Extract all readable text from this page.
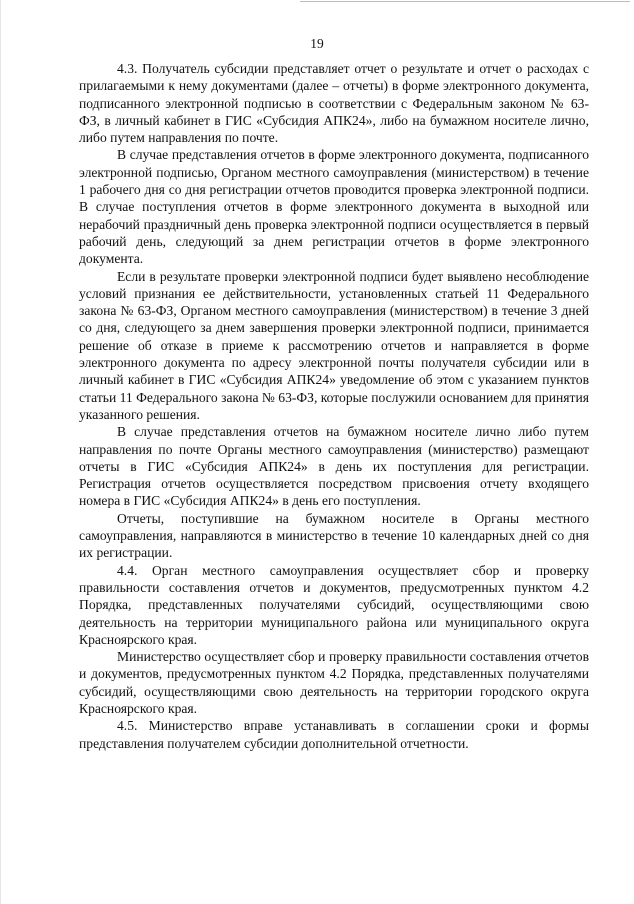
19

4.3. Получатель субсидии представляет отчет о результате и отчет о расходах с прилагаемыми к нему документами (далее – отчеты) в форме электронного документа, подписанного электронной подписью в соответствии с Федеральным законом № 63-ФЗ, в личный кабинет в ГИС «Субсидия АПК24», либо на бумажном носителе лично, либо путем направления по почте.

В случае представления отчетов в форме электронного документа, подписанного электронной подписью, Органом местного самоуправления (министерством) в течение 1 рабочего дня со дня регистрации отчетов проводится проверка электронной подписи. В случае поступления отчетов в форме электронного документа в выходной или нерабочий праздничный день проверка электронной подписи осуществляется в первый рабочий день, следующий за днем регистрации отчетов в форме электронного документа.

Если в результате проверки электронной подписи будет выявлено несоблюдение условий признания ее действительности, установленных статьей 11 Федерального закона № 63-ФЗ, Органом местного самоуправления (министерством) в течение 3 дней со дня, следующего за днем завершения проверки электронной подписи, принимается решение об отказе в приеме к рассмотрению отчетов и направляется в форме электронного документа по адресу электронной почты получателя субсидии или в личный кабинет в ГИС «Субсидия АПК24» уведомление об этом с указанием пунктов статьи 11 Федерального закона № 63-ФЗ, которые послужили основанием для принятия указанного решения.

В случае представления отчетов на бумажном носителе лично либо путем направления по почте Органы местного самоуправления (министерство) размещают отчеты в ГИС «Субсидия АПК24» в день их поступления для регистрации. Регистрация отчетов осуществляется посредством присвоения отчету входящего номера в ГИС «Субсидия АПК24» в день его поступления.

Отчеты, поступившие на бумажном носителе в Органы местного самоуправления, направляются в министерство в течение 10 календарных дней со дня их регистрации.

4.4. Орган местного самоуправления осуществляет сбор и проверку правильности составления отчетов и документов, предусмотренных пунктом 4.2 Порядка, представленных получателями субсидий, осуществляющими свою деятельность на территории муниципального района или муниципального округа Красноярского края.

Министерство осуществляет сбор и проверку правильности составления отчетов и документов, предусмотренных пунктом 4.2 Порядка, представленных получателями субсидий, осуществляющими свою деятельность на территории городского округа Красноярского края.

4.5. Министерство вправе устанавливать в соглашении сроки и формы представления получателем субсидии дополнительной отчетности.
